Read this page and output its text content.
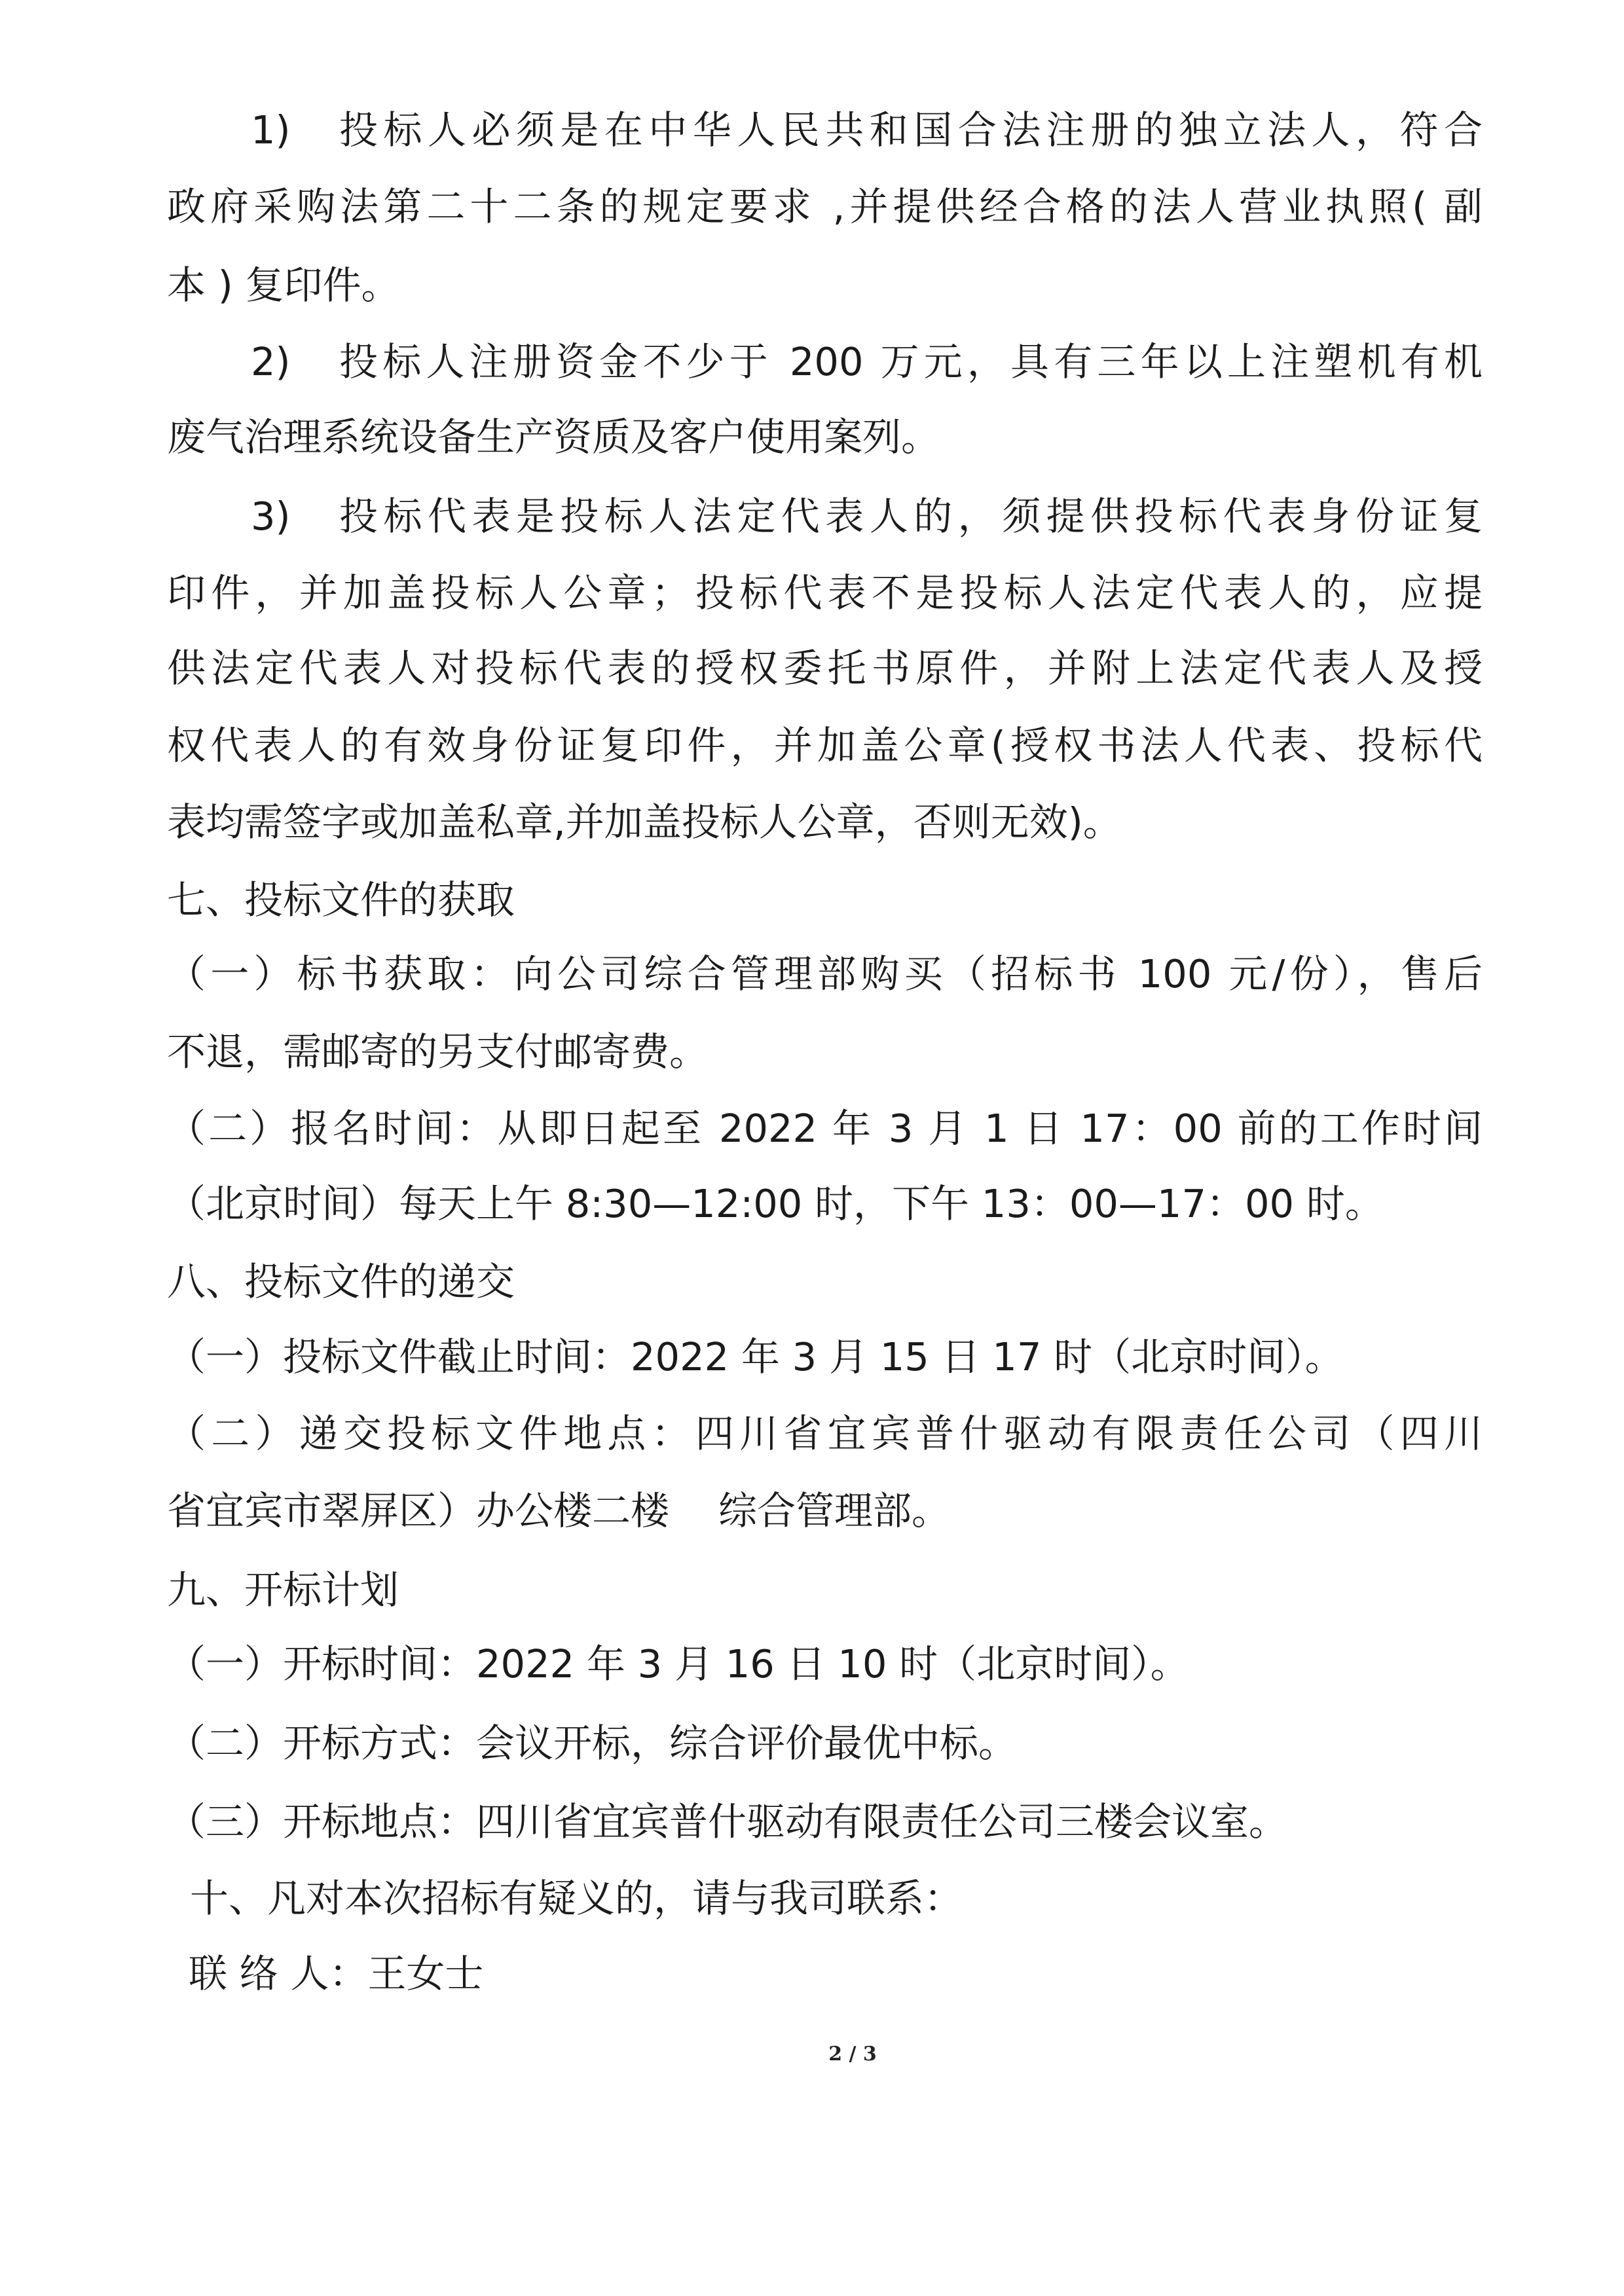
1) 投标人必须是在中华人民共和国合法注册的独立法人，符合
政府采购法第二十二条的规定要求 ,并提供经合格的法人营业执照( 副
本 ) 复印件。
2) 投标人注册资金不少于 200 万元，具有三年以上注塑机有机
废气治理系统设备生产资质及客户使用案列。
3) 投标代表是投标人法定代表人的，须提供投标代表身份证复
印件，并加盖投标人公章；投标代表不是投标人法定代表人的，应提
供法定代表人对投标代表的授权委托书原件，并附上法定代表人及授
权代表人的有效身份证复印件，并加盖公章(授权书法人代表、投标代
表均需签字或加盖私章,并加盖投标人公章，否则无效)。
七、投标文件的获取
（一）标书获取：向公司综合管理部购买（招标书 100 元/份），售后
不退，需邮寄的另支付邮寄费。
（二）报名时间：从即日起至 2022 年 3 月 1 日 17：00 前的工作时间
（北京时间）每天上午 8:30—12:00 时，下午 13：00—17：00 时。
八、投标文件的递交
（一）投标文件截止时间：2022 年 3 月 15 日 17 时（北京时间）。
（二）递交投标文件地点：四川省宜宾普什驱动有限责任公司（四川
省宜宾市翠屏区）办公楼二楼    综合管理部。
九、开标计划
（一）开标时间：2022 年 3 月 16 日 10 时（北京时间）。
（二）开标方式：会议开标，综合评价最优中标。
（三）开标地点：四川省宜宾普什驱动有限责任公司三楼会议室。
十、凡对本次招标有疑义的，请与我司联系：
联 络 人：王女士
2 / 3
